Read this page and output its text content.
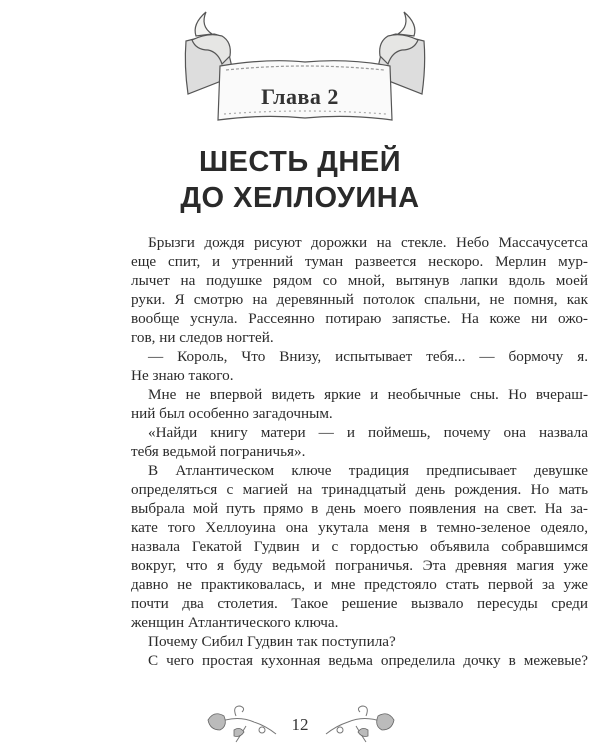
Глава 2
ШЕСТЬ ДНЕЙ
ДО ХЕЛЛОУИНА
Брызги дождя рисуют дорожки на стекле. Небо Массачусетса
еще спит, и утренний туман развеется нескоро. Мерлин мур-
лычет на подушке рядом со мной, вытянув лапки вдоль моей
руки. Я смотрю на деревянный потолок спальни, не помня, как
вообще уснула. Рассеянно потираю запястье. На коже ни ожо-
гов, ни следов ногтей.
— Король, Что Внизу, испытывает тебя... — бормочу я.
Не знаю такого.
Мне не впервой видеть яркие и необычные сны. Но вчераш-
ний был особенно загадочным.
«Найди книгу матери — и поймешь, почему она назвала
тебя ведьмой пограничья».
В Атлантическом ключе традиция предписывает девушке
определяться с магией на тринадцатый день рождения. Но мать
выбрала мой путь прямо в день моего появления на свет. На за-
кате того Хеллоуина она укутала меня в темно-зеленое одеяло,
назвала Гекатой Гудвин и с гордостью объявила собравшимся
вокруг, что я буду ведьмой пограничья. Эта древняя магия уже
давно не практиковалась, и мне предстояло стать первой за уже
почти два столетия. Такое решение вызвало пересуды среди
женщин Атлантического ключа.
Почему Сибил Гудвин так поступила?
С чего простая кухонная ведьма определила дочку в межевые?
12
